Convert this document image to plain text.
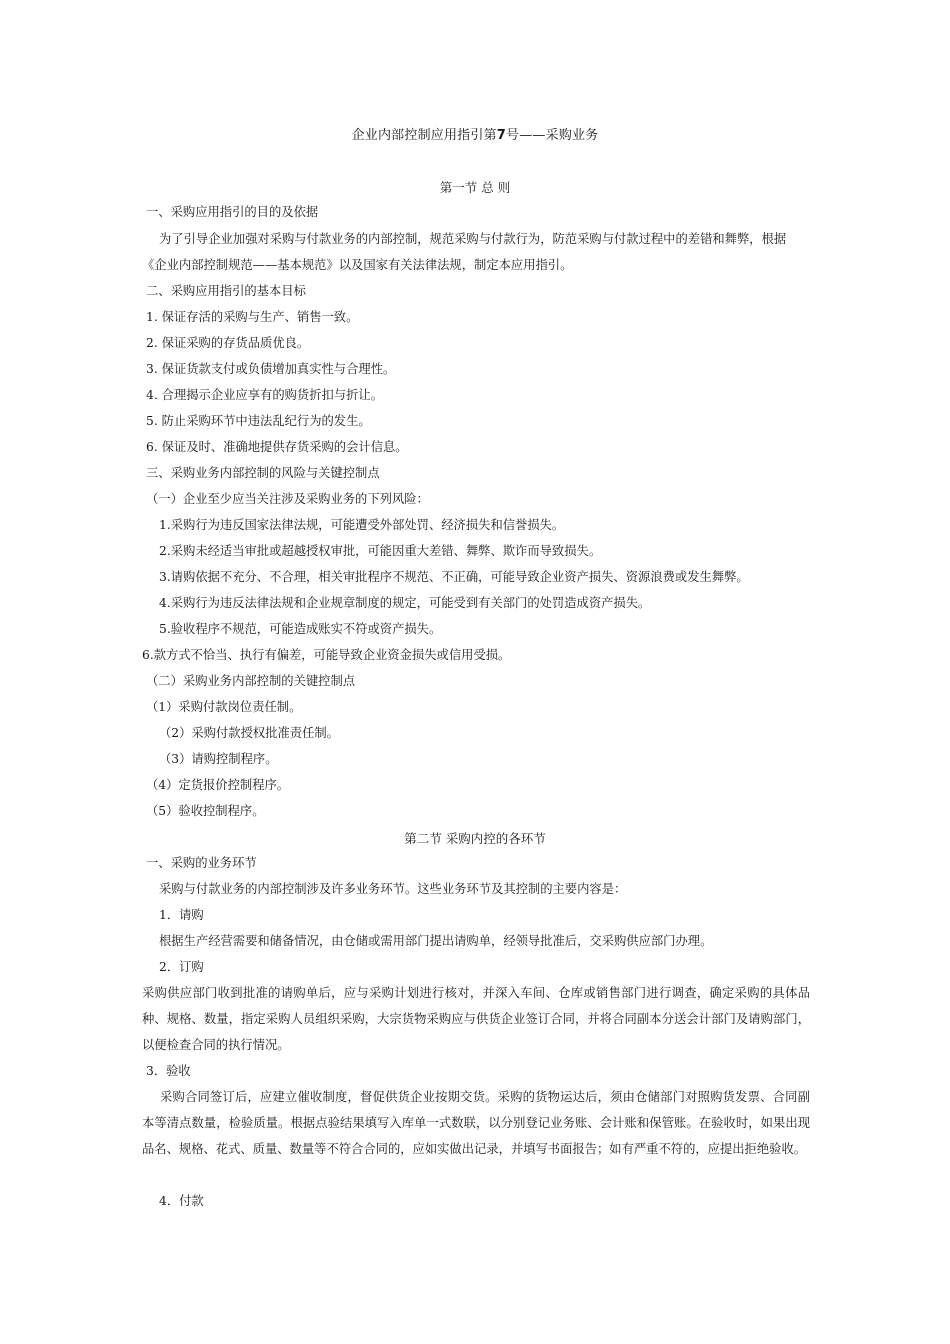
企业内部控制应用指引第7号——采购业务
第一节 总 则
一、采购应用指引的目的及依据
为了引导企业加强对采购与付款业务的内部控制，规范采购与付款行为，防范采购与付款过程中的差错和舞弊，根据
《企业内部控制规范——基本规范》以及国家有关法律法规，制定本应用指引。
二、采购应用指引的基本目标
1. 保证存活的采购与生产、销售一致。
2. 保证采购的存货品质优良。
3. 保证货款支付或负债增加真实性与合理性。
4. 合理揭示企业应享有的购货折扣与折让。
5. 防止采购环节中违法乱纪行为的发生。
6. 保证及时、准确地提供存货采购的会计信息。
三、采购业务内部控制的风险与关键控制点
（一）企业至少应当关注涉及采购业务的下列风险：
1.采购行为违反国家法律法规，可能遭受外部处罚、经济损失和信誉损失。
2.采购未经适当审批或超越授权审批，可能因重大差错、舞弊、欺诈而导致损失。
3.请购依据不充分、不合理，相关审批程序不规范、不正确，可能导致企业资产损失、资源浪费或发生舞弊。
4.采购行为违反法律法规和企业规章制度的规定，可能受到有关部门的处罚造成资产损失。
5.验收程序不规范，可能造成账实不符或资产损失。
6.款方式不恰当、执行有偏差，可能导致企业资金损失或信用受损。
（二）采购业务内部控制的关键控制点
（1）采购付款岗位责任制。
（2）采购付款授权批准责任制。
（3）请购控制程序。
（4）定货报价控制程序。
（5）验收控制程序。
第二节 采购内控的各环节
一、采购的业务环节
采购与付款业务的内部控制涉及许多业务环节。这些业务环节及其控制的主要内容是：
1．请购
根据生产经营需要和储备情况，由仓储或需用部门提出请购单，经领导批准后，交采购供应部门办理。
2．订购
采购供应部门收到批准的请购单后，应与采购计划进行核对，并深入车间、仓库或销售部门进行调查，确定采购的具体品种、规格、数量，指定采购人员组织采购，大宗货物采购应与供货企业签订合同，并将合同副本分送会计部门及请购部门，以便检查合同的执行情况。
3．验收
采购合同签订后，应建立催收制度，督促供货企业按期交货。采购的货物运达后，须由仓储部门对照购货发票、合同副本等清点数量，检验质量。根据点验结果填写入库单一式数联，以分别登记业务账、会计账和保管账。在验收时，如果出现品名、规格、花式、质量、数量等不符合合同的，应如实做出记录，并填写书面报告；如有严重不符的，应提出拒绝验收。
4．付款
